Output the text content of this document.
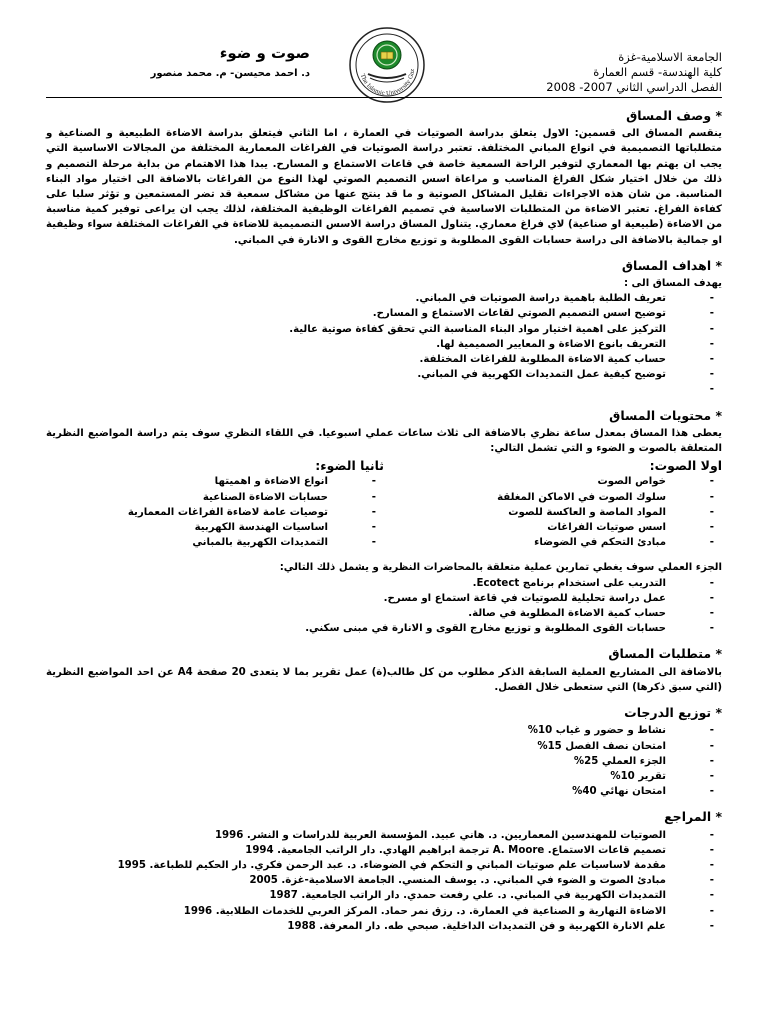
الجامعة الاسلامية-غزة
كلية الهندسة- قسم العمارة
الفصل الدراسي الثاني 2007- 2008
The Islamic University Gaz
صوت و ضوء
د. احمد محيسن- م. محمد منصور
* وصف المساق
ينقسم المساق الى قسمين: الاول يتعلق بدراسة الصوتيات في العمارة ، اما الثاني فيتعلق بدراسة الاضاءة الطبيعية و الصناعية و متطلباتها التصميمية في انواع المباني المختلفة. تعتبر دراسة الصوتيات في الفراغات المعمارية المختلفة من المجالات الاساسية التي يجب ان يهتم بها المعماري لتوفير الراحة السمعية خاصة في قاعات الاستماع و المسارح. يبدا هذا الاهتمام من بداية مرحلة التصميم و ذلك من خلال اختيار شكل الفراغ المناسب و مراعاة اسس التصميم الصوتي لهذا النوع من الفراغات بالاضافة الى اختيار مواد البناء المناسبة. من شان هذه الاجراءات تقليل المشاكل الصوتية و ما قد ينتج عنها من مشاكل سمعية قد تضر المستمعين و تؤثر سلبا على كفاءة الفراغ. تعتبر الاضاءة من المتطلبات الاساسية في تصميم الفراغات الوظيفية المختلفة، لذلك يجب ان يراعى توفير كمية مناسبة من الاضاءة (طبيعية او صناعية) لاي فراغ معماري. يتناول المساق دراسة الاسس التصميمية للاضاءة في الفراغات المختلفة سواء وظيفية او جمالية بالاضافة الى دراسة حسابات القوى المطلوبة و توزيع مخارج القوى و الانارة في المباني.
* اهداف المساق
يهدف المساق الى :
- تعريف الطلبة باهمية دراسة الصوتيات في المباني.
- توضيح اسس التصميم الصوتي لقاعات الاستماع و المسارح.
- التركيز على اهمية اختيار مواد البناء المناسبة التي تحقق كفاءة صوتية عالية.
- التعريف بانوع الاضاءة و المعايير الصميمية لها.
- حساب كمية الاضاءة المطلوبة للفراغات المختلفة.
- توضيح كيفية عمل التمديدات الكهربية في المباني.
-
* محتويات المساق
يعطى هذا المساق بمعدل ساعة نظري بالاضافة الى ثلاث ساعات عملي اسبوعيا. في اللقاء النظري سوف يتم دراسة المواضيع النظرية المتعلقة بالصوت و الضوء و التي تشمل التالي:
اولا الصوت:
- خواص الصوت
- سلوك الصوت في الاماكن المغلقة
- المواد الماصة و العاكسة للصوت
- اسس صوتيات الفراغات
- مبادئ التحكم في الضوضاء
ثانيا الضوء:
- انواع الاضاءة و اهميتها
- حسابات الاضاءة الصناعية
- توصيات عامة لاضاءة الفراغات المعمارية
- اساسيات الهندسة الكهربية
- التمديدات الكهربية بالمباني
الجزء العملي سوف يغطي تمارين عملية متعلقة بالمحاضرات النظرية و يشمل ذلك التالي:
- التدريب على استخدام برنامج Ecotect.
- عمل دراسة تحليلية للصوتيات في قاعة استماع او مسرح.
- حساب كمية الاضاءة المطلوبة في صالة.
- حسابات القوى المطلوبة و توزيع مخارج القوى و الانارة في مبنى سكني.
* متطلبات المساق
بالاضافة الى المشاريع العملية السابقة الذكر مطلوب من كل طالب(ة) عمل تقرير بما لا يتعدى 20 صفحة A4 عن احد المواضيع النظرية (التي سبق ذكرها) التي ستعطى خلال الفصل.
* توزيع الدرجات
- نشاط و حضور و غياب 10%
- امتحان نصف الفصل 15%
- الجزء العملي 25%
- تقرير 10%
- امتحان نهائي 40%
* المراجع
- الصوتيات للمهندسين المعماريين. د. هاني عبيد. المؤسسة العربية للدراسات و النشر. 1996
- تصميم قاعات الاستماع. A. Moore ترجمة ابراهيم الهادي. دار الراتب الجامعية. 1994
- مقدمة لاساسيات علم صوتيات المباني و التحكم في الضوضاء. د. عبد الرحمن فكري. دار الحكيم للطباعة. 1995
- مبادئ الصوت و الضوء في المباني. د. يوسف المنسي. الجامعة الاسلامية-غزة. 2005
- التمديدات الكهربية في المباني. د. علي رفعت حمدي. دار الراتب الجامعية. 1987
- الاضاءة النهارية و الصناعية في العمارة. د. رزق نمر حماد. المركز العربي للخدمات الطلابية. 1996
- علم الانارة الكهربية و فن التمديدات الداخلية. صبحي طه. دار المعرفة. 1988
